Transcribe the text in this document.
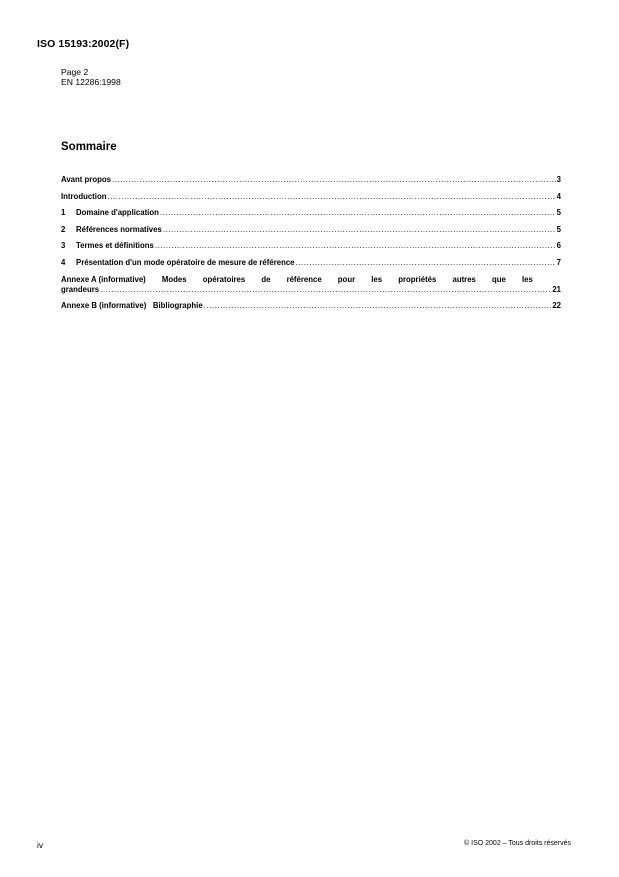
ISO 15193:2002(F)
Page 2
EN 12286:1998
Sommaire
Avant propos .....	3
Introduction .....	4
1	Domaine d'application .....	5
2	Références normatives .....	5
3	Termes et définitions .....	6
4	Présentation d'un mode opératoire de mesure de référence .....	7
Annexe A (informative) Modes opératoires de référence pour les propriétés autres que les
grandeurs .....	21
Annexe B (informative)   Bibliographie .....	22
iv	© ISO 2002 – Tous droits réservés
